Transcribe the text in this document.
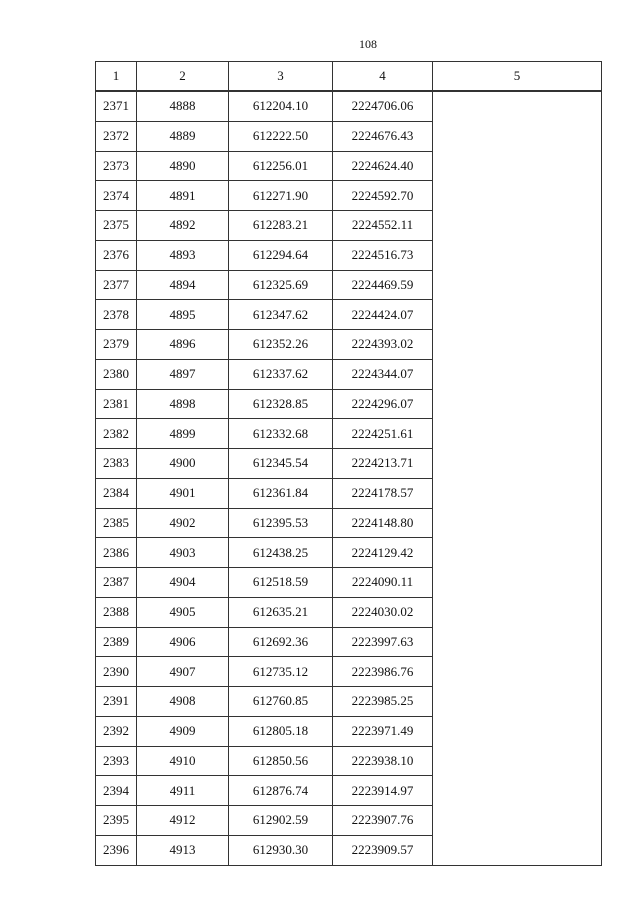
108
1	2	3	4	5
2371	4888	612204.10	2224706.06	
2372	4889	612222.50	2224676.43	
2373	4890	612256.01	2224624.40	
2374	4891	612271.90	2224592.70	
2375	4892	612283.21	2224552.11	
2376	4893	612294.64	2224516.73	
2377	4894	612325.69	2224469.59	
2378	4895	612347.62	2224424.07	
2379	4896	612352.26	2224393.02	
2380	4897	612337.62	2224344.07	
2381	4898	612328.85	2224296.07	
2382	4899	612332.68	2224251.61	
2383	4900	612345.54	2224213.71	
2384	4901	612361.84	2224178.57	
2385	4902	612395.53	2224148.80	
2386	4903	612438.25	2224129.42	
2387	4904	612518.59	2224090.11	
2388	4905	612635.21	2224030.02	
2389	4906	612692.36	2223997.63	
2390	4907	612735.12	2223986.76	
2391	4908	612760.85	2223985.25	
2392	4909	612805.18	2223971.49	
2393	4910	612850.56	2223938.10	
2394	4911	612876.74	2223914.97	
2395	4912	612902.59	2223907.76	
2396	4913	612930.30	2223909.57	
